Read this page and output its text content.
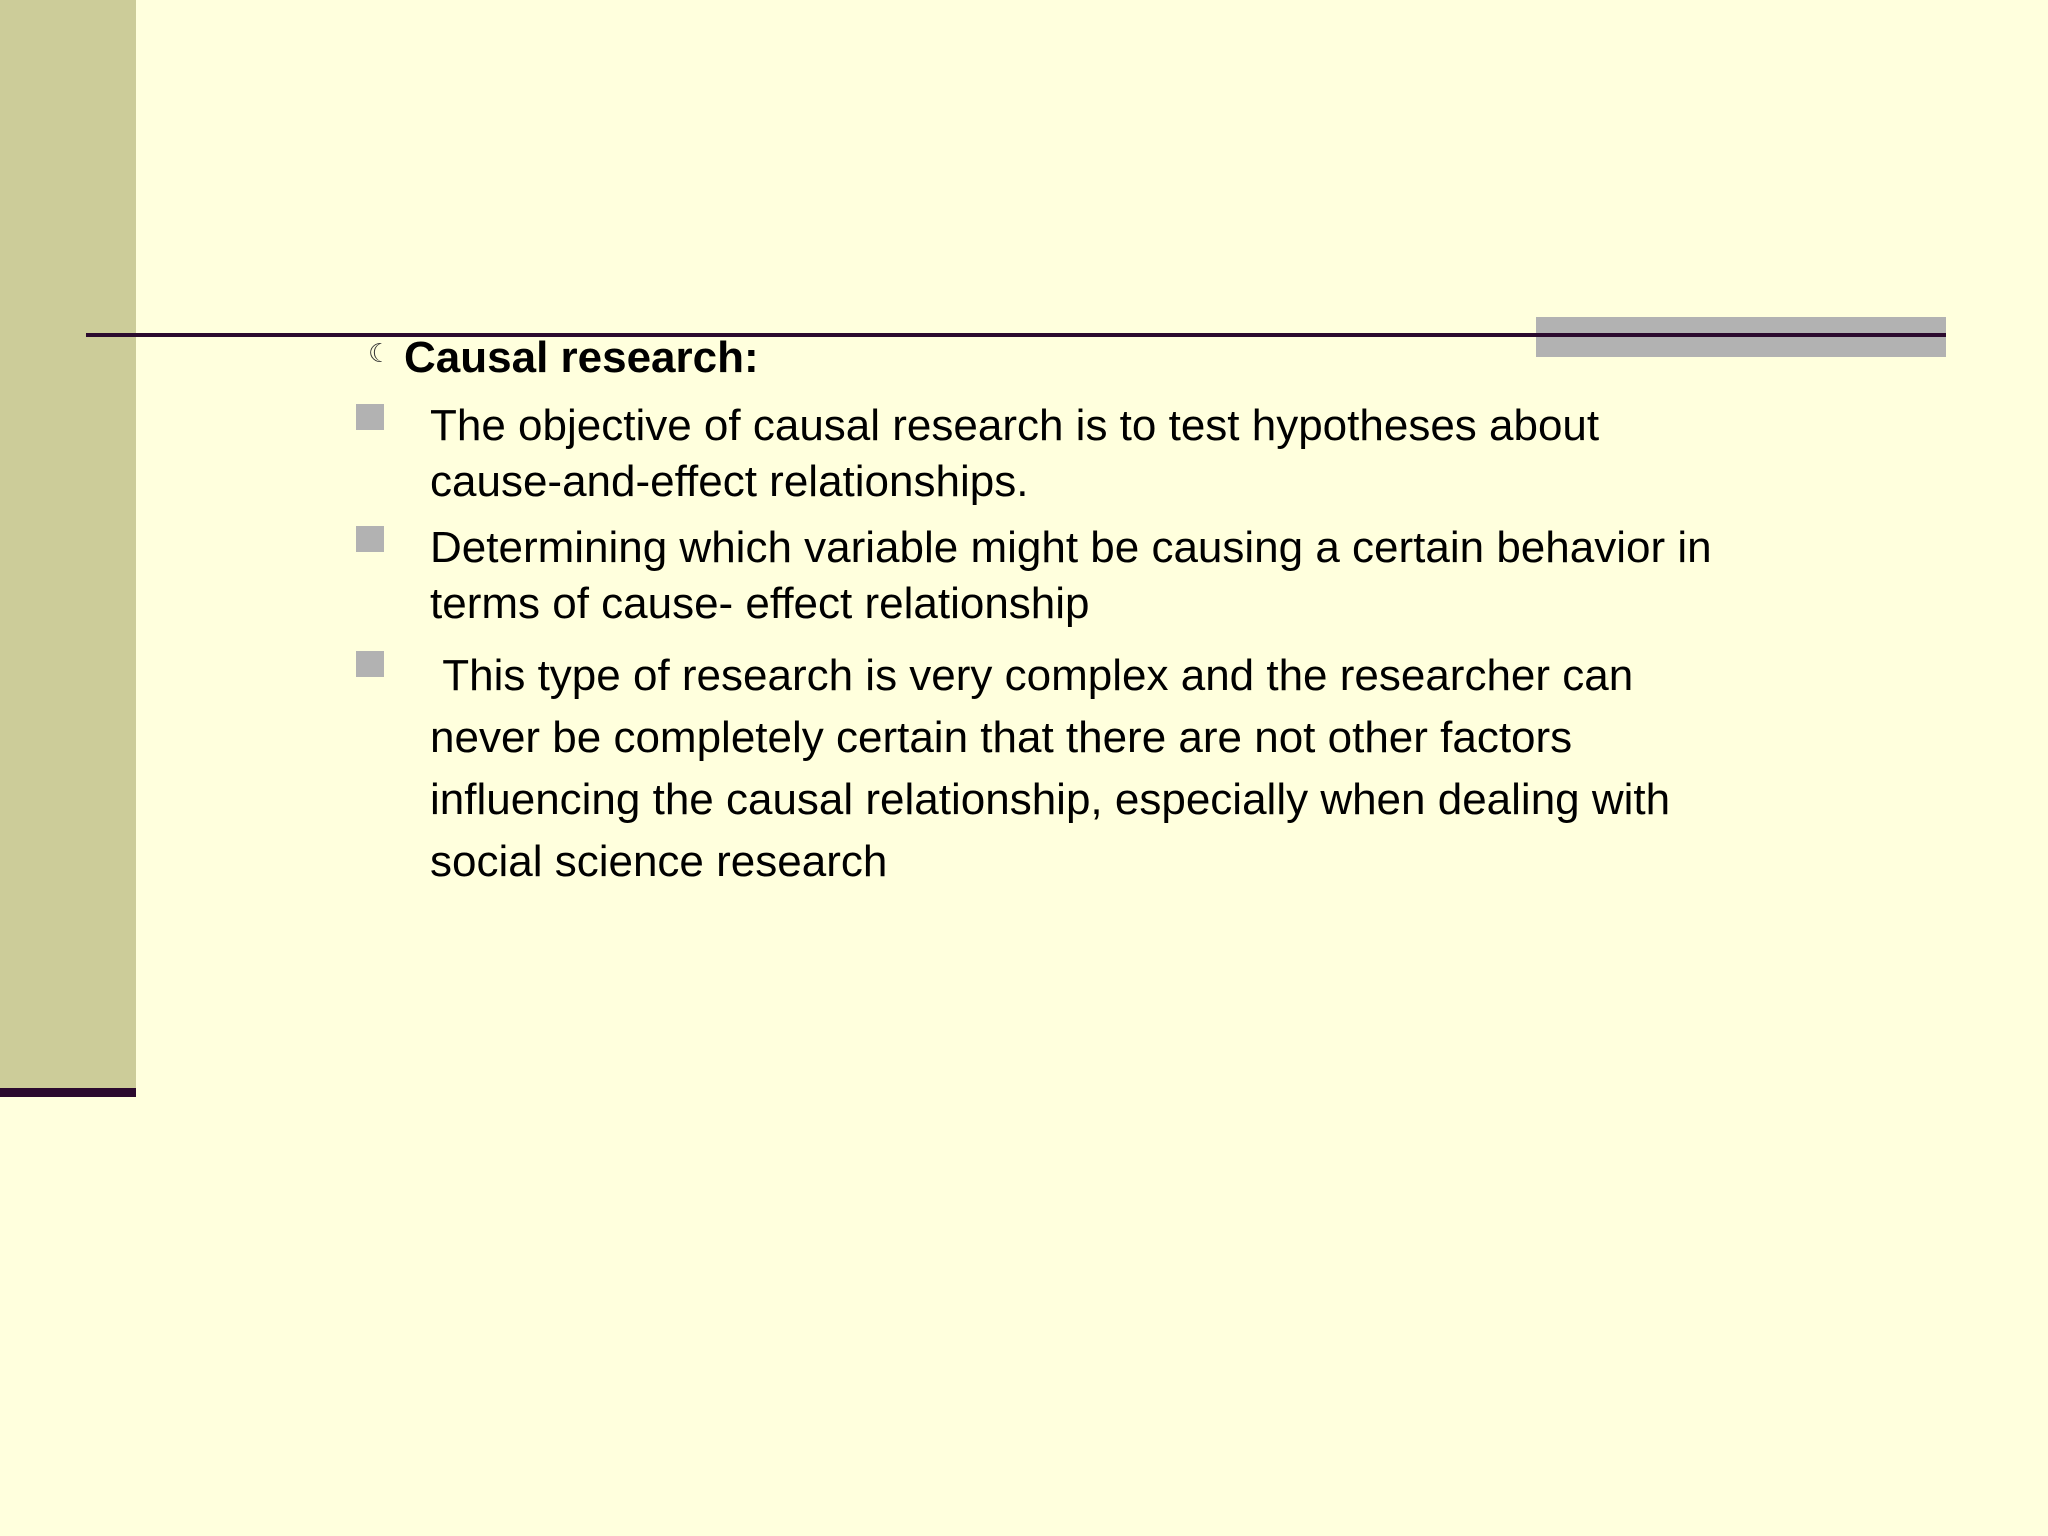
☾ Causal research:
The objective of causal research is to test hypotheses about cause-and-effect relationships.
Determining which variable might be causing a certain behavior in terms of cause- effect relationship
This type of research is very complex and the researcher can never be completely certain that there are not other factors influencing the causal relationship, especially when dealing with social science research
